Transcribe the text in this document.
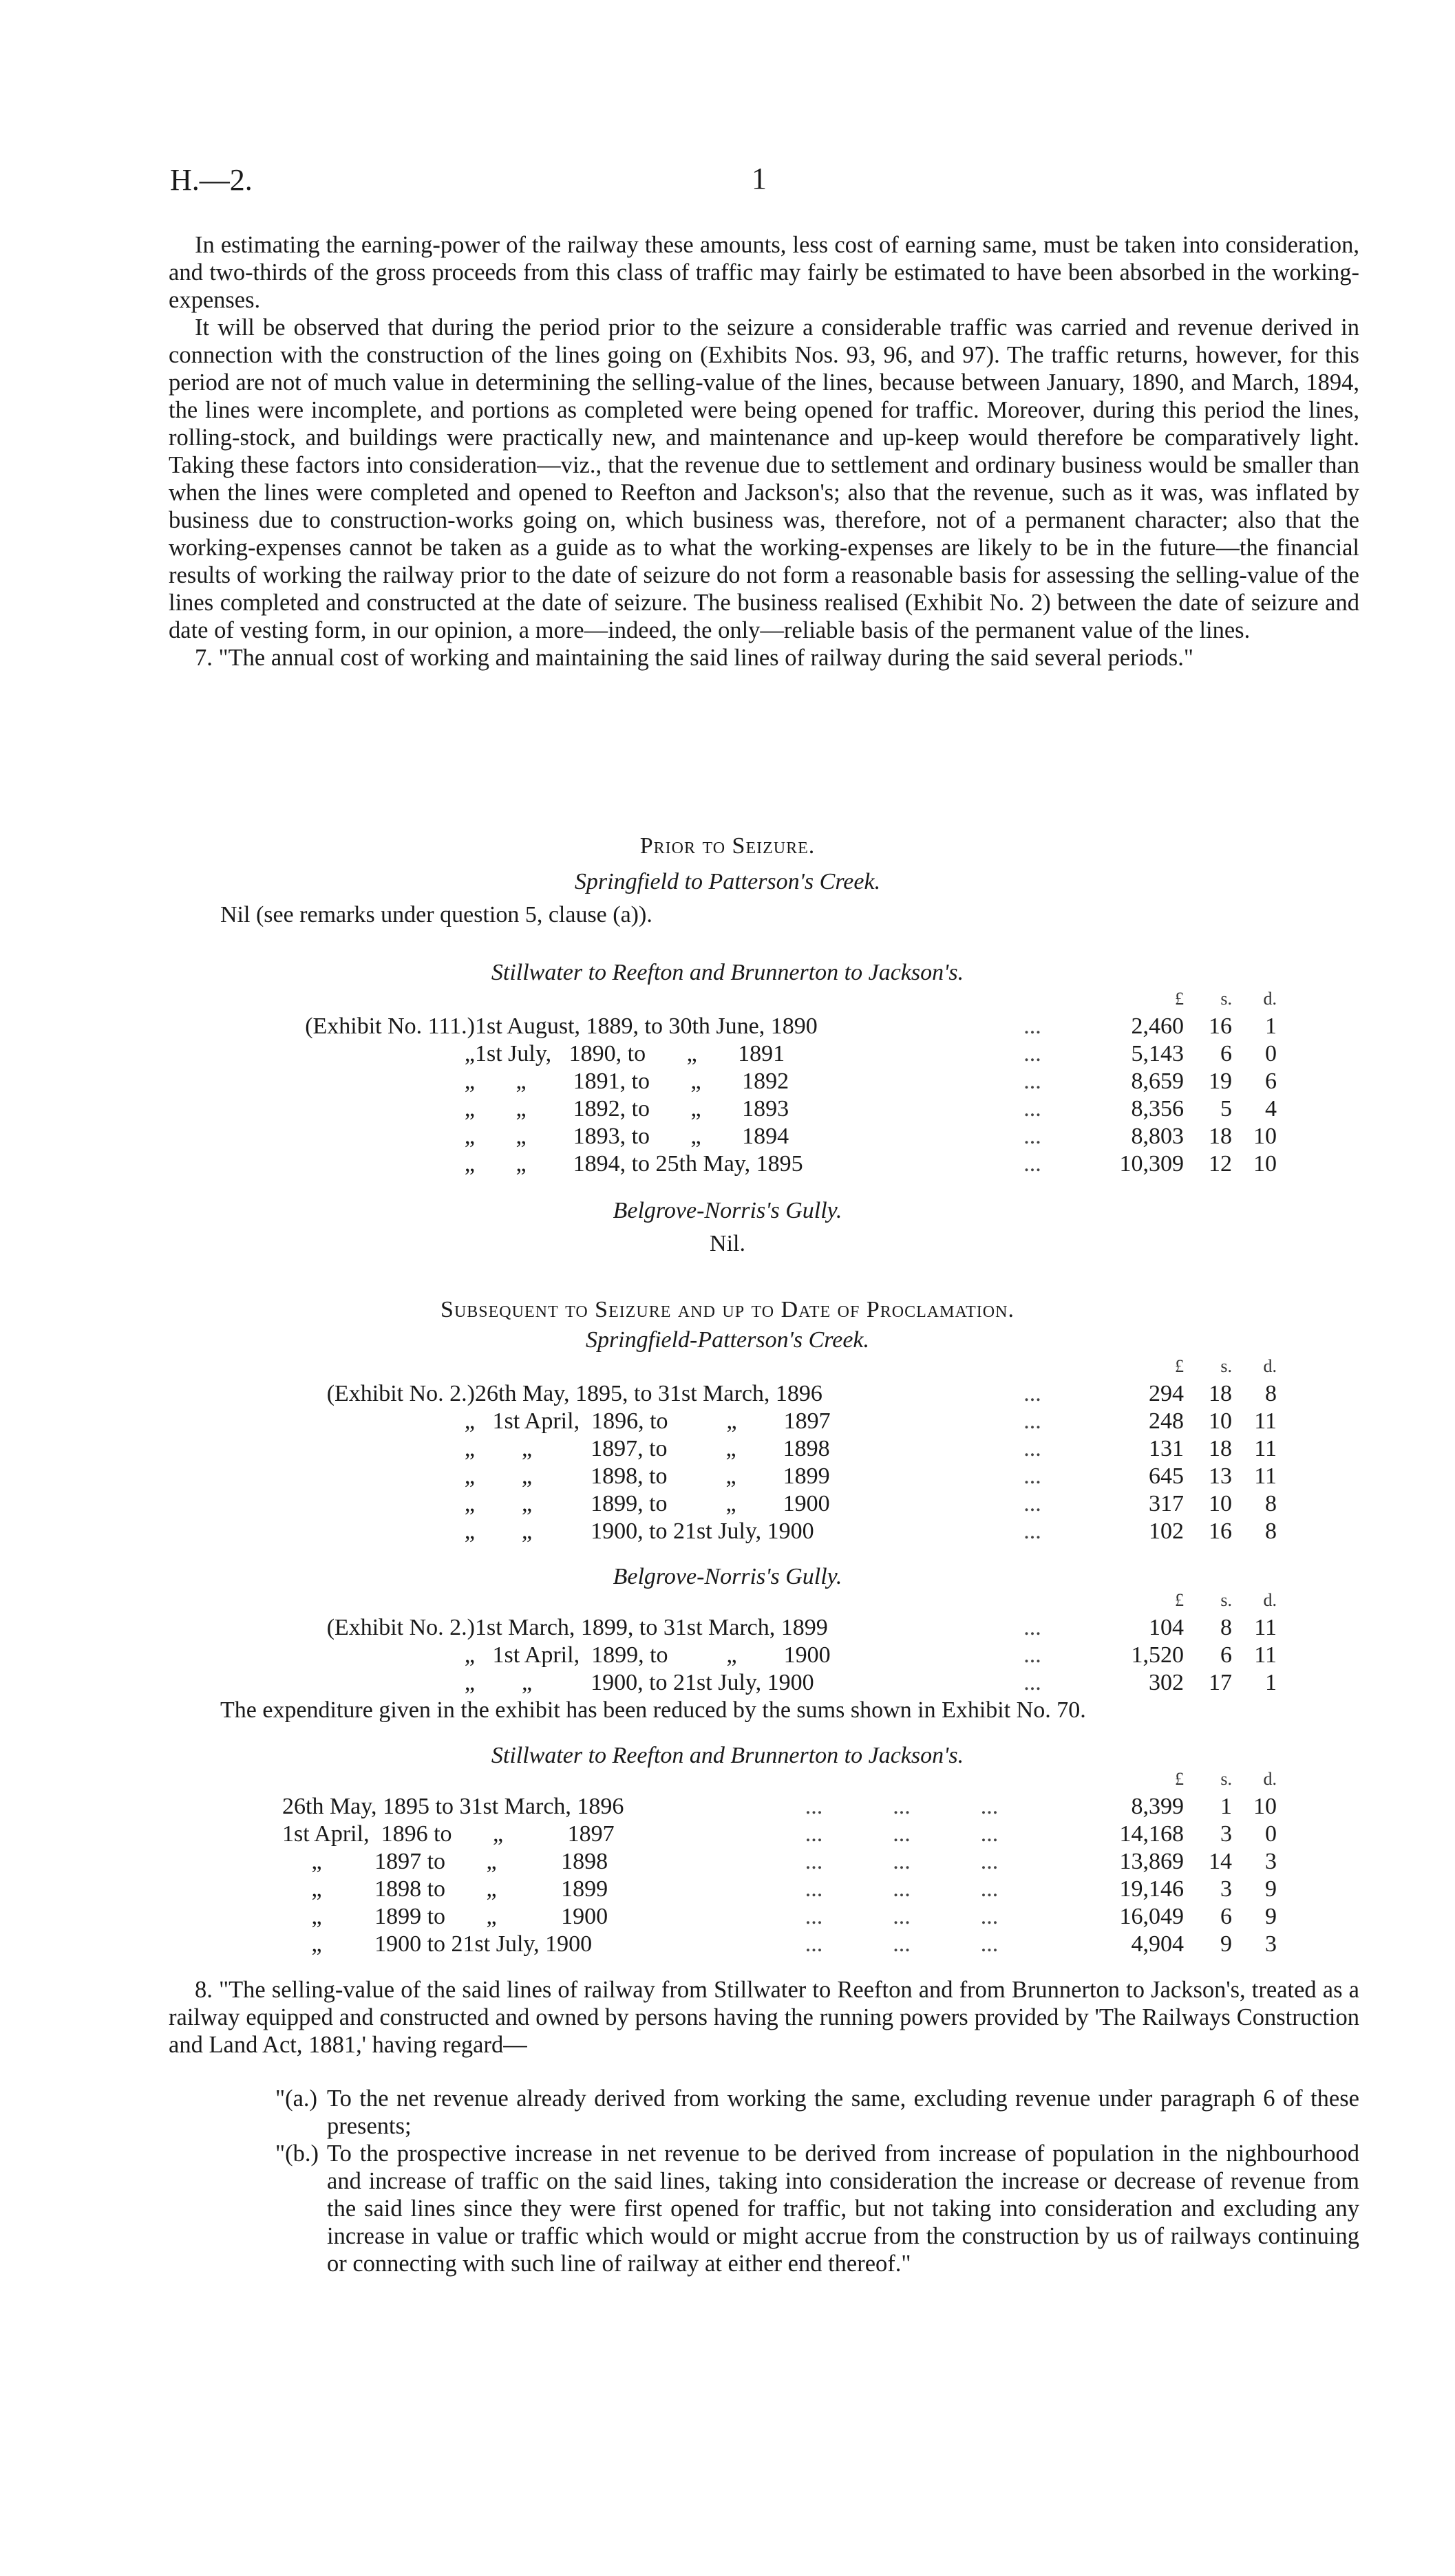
H.—2.	1

In estimating the earning-power of the railway these amounts, less cost of earning same, must be taken into consideration, and two-thirds of the gross proceeds from this class of traffic may fairly be estimated to have been absorbed in the working-expenses.

It will be observed that during the period prior to the seizure a considerable traffic was carried and revenue derived in connection with the construction of the lines going on (Exhibits Nos. 93, 96, and 97). The traffic returns, however, for this period are not of much value in determining the selling-value of the lines, because between January, 1890, and March, 1894, the lines were incomplete, and portions as completed were being opened for traffic. Moreover, during this period the lines, rolling-stock, and buildings were practically new, and maintenance and up-keep would therefore be comparatively light. Taking these factors into consideration—viz., that the revenue due to settlement and ordinary business would be smaller than when the lines were completed and opened to Reefton and Jackson's; also that the revenue, such as it was, was inflated by business due to construction-works going on, which business was, therefore, not of a permanent character; also that the working-expenses cannot be taken as a guide as to what the working-expenses are likely to be in the future—the financial results of working the railway prior to the date of seizure do not form a reasonable basis for assessing the selling-value of the lines completed and constructed at the date of seizure. The business realised (Exhibit No. 2) between the date of seizure and date of vesting form, in our opinion, a more—indeed, the only—reliable basis of the permanent value of the lines.

7. "The annual cost of working and maintaining the said lines of railway during the said several periods."

Prior to Seizure.
Springfield to Patterson's Creek.
Nil (see remarks under question 5, clause (a)).
Stillwater to Reefton and Brunnerton to Jackson's.
			£	s.	d.
(Exhibit No. 111.)	1st August, 1889, to 30th June, 1890	...	2,460	16	1
„	1st July,   1890, to       „       1891	...	5,143	6	0
„	„        1891, to       „       1892	...	8,659	19	6
„	„        1892, to       „       1893	...	8,356	5	4
„	„        1893, to       „       1894	...	8,803	18	10
„	„        1894, to 25th May, 1895	...	10,309	12	10
Belgrove-Norris's Gully.
Nil.
Subsequent to Seizure and up to Date of Proclamation.
Springfield-Patterson's Creek.
			£	s.	d.
(Exhibit No. 2.)	26th May, 1895, to 31st March, 1896	...	294	18	8
„	1st April,  1896, to          „        1897	...	248	10	11
„	„          1897, to          „        1898	...	131	18	11
„	„          1898, to          „        1899	...	645	13	11
„	„          1899, to          „        1900	...	317	10	8
„	„          1900, to 21st July, 1900	...	102	16	8
Belgrove-Norris's Gully.
			£	s.	d.
(Exhibit No. 2.)	1st March, 1899, to 31st March, 1899	...	104	8	11
„	1st April,  1899, to          „        1900	...	1,520	6	11
„	„          1900, to 21st July, 1900	...	302	17	1
The expenditure given in the exhibit has been reduced by the sums shown in Exhibit No. 70.
Stillwater to Reefton and Brunnerton to Jackson's.
			£	s.	d.
	26th May, 1895 to 31st March, 1896	...            ...            ...	8,399	1	10
	1st April,  1896 to       „           1897	...            ...            ...	14,168	3	0
	„         1897 to       „           1898	...            ...            ...	13,869	14	3
	„         1898 to       „           1899	...            ...            ...	19,146	3	9
	„         1899 to       „           1900	...            ...            ...	16,049	6	9
	„         1900 to 21st July, 1900	...            ...            ...	4,904	9	3

8. "The selling-value of the said lines of railway from Stillwater to Reefton and from Brunnerton to Jackson's, treated as a railway equipped and constructed and owned by persons having the running powers provided by 'The Railways Construction and Land Act, 1881,' having regard—

"(a.) To the net revenue already derived from working the same, excluding revenue under paragraph 6 of these presents;
"(b.) To the prospective increase in net revenue to be derived from increase of population in the nighbourhood and increase of traffic on the said lines, taking into consideration the increase or decrease of revenue from the said lines since they were first opened for traffic, but not taking into consideration and excluding any increase in value or traffic which would or might accrue from the construction by us of railways continuing or connecting with such line of railway at either end thereof."
